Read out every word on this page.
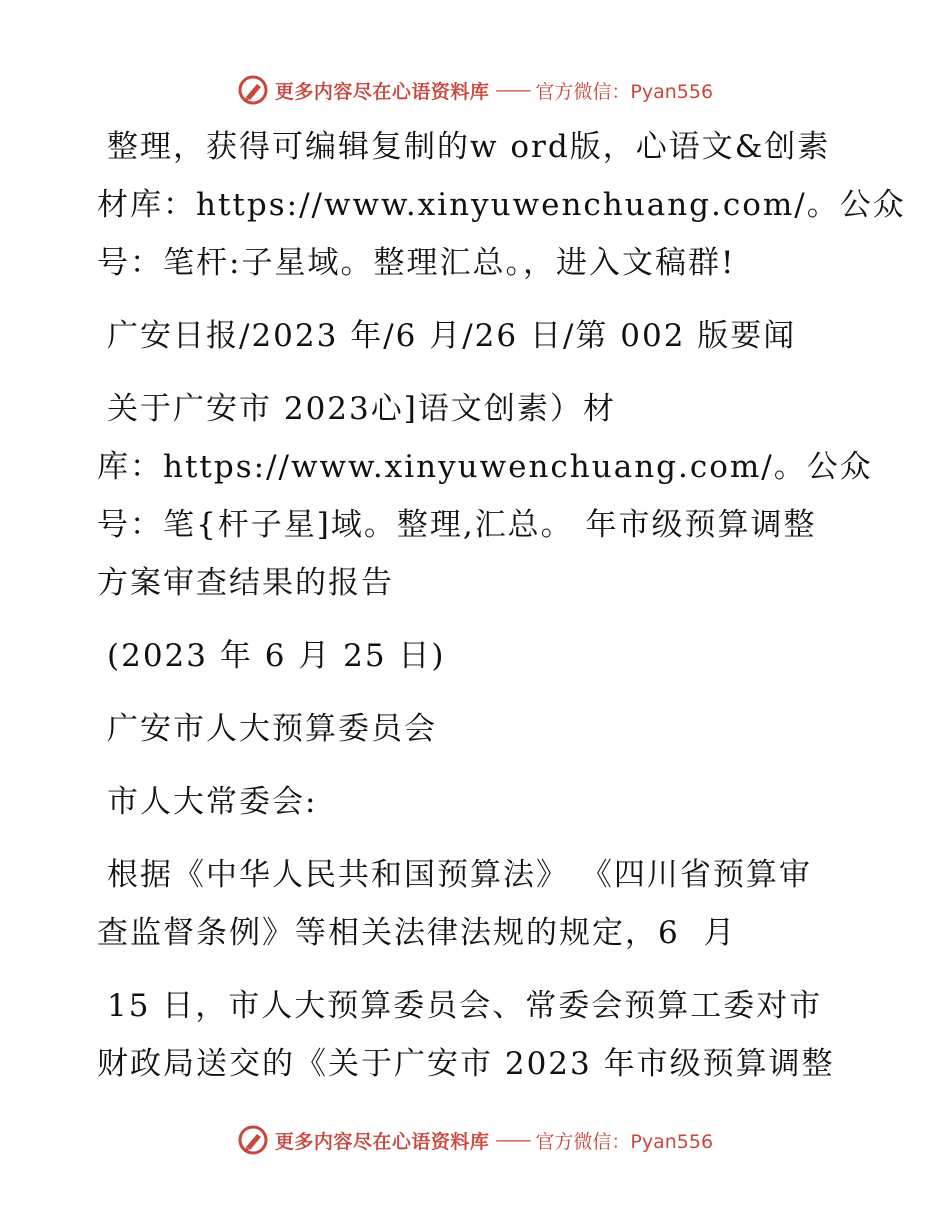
更多内容尽在心语资料库 —— 官方微信：Pyan556
整理，获得可编辑复制的w ord版，心语文&创素
材库：https://www.xinyuwenchuang.com/。公众
号：笔杆:子星域。整理汇总。，进入文稿群!
广安日报/2023 年/6 月/26 日/第 002 版要闻
关于广安市 2023心]语文创素）材
库：https://www.xinyuwenchuang.com/。公众
号：笔{杆子星]域。整理,汇总。 年市级预算调整
方案审查结果的报告
(2023 年 6 月 25 日)
广安市人大预算委员会
市人大常委会:
根据《中华人民共和国预算法》 《四川省预算审
查监督条例》等相关法律法规的规定，6  月
15 日，市人大预算委员会、常委会预算工委对市
财政局送交的《关于广安市 2023 年市级预算调整
更多内容尽在心语资料库 —— 官方微信：Pyan556
